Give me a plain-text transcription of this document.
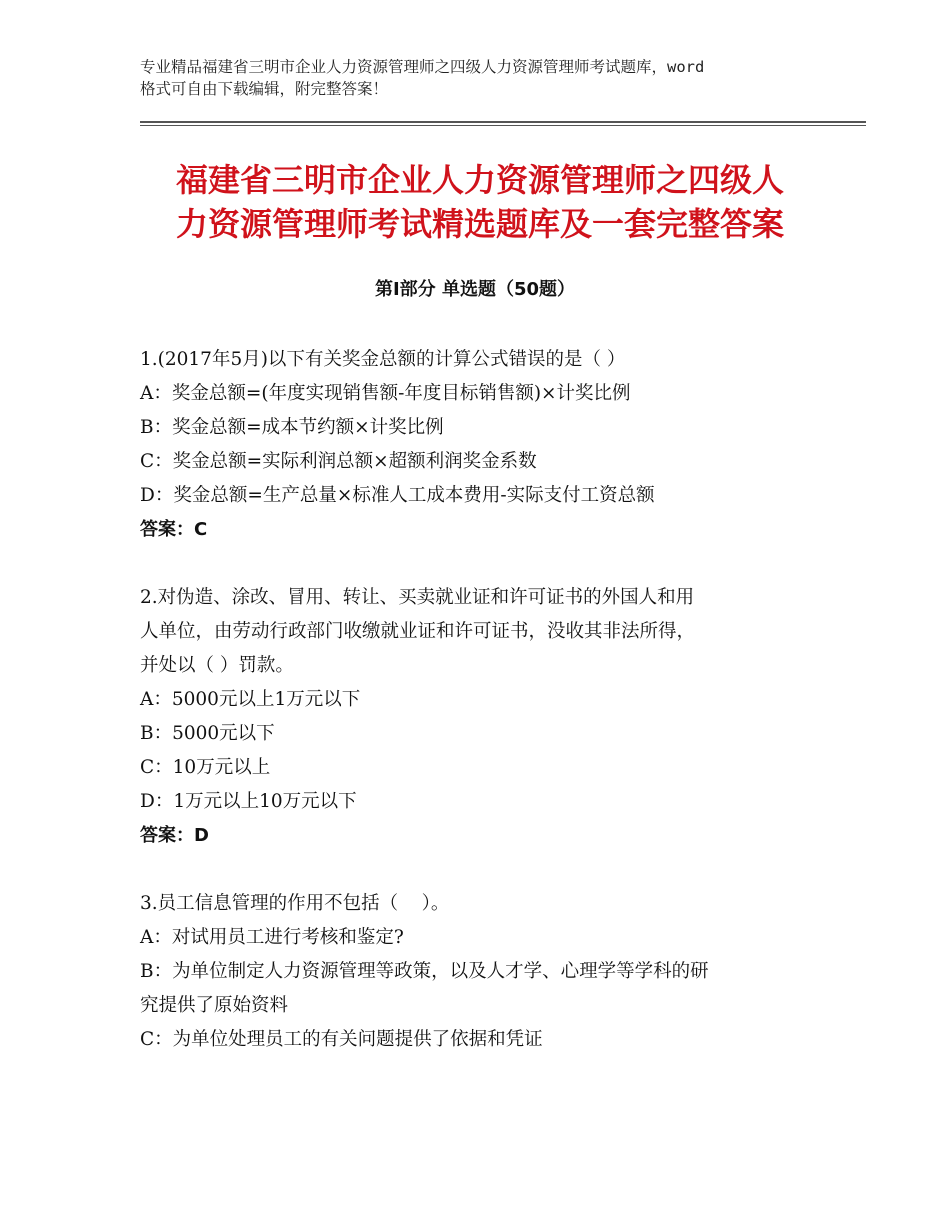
专业精品福建省三明市企业人力资源管理师之四级人力资源管理师考试题库，word
格式可自由下载编辑，附完整答案！
福建省三明市企业人力资源管理师之四级人
力资源管理师考试精选题库及一套完整答案
第Ⅰ部分 单选题（50题）
1.(2017年5月)以下有关奖金总额的计算公式错误的是（ ）
A：奖金总额=(年度实现销售额-年度目标销售额)×计奖比例
B：奖金总额=成本节约额×计奖比例
C：奖金总额=实际利润总额×超额利润奖金系数
D：奖金总额=生产总量×标准人工成本费用-实际支付工资总额
答案：C
2.对伪造、涂改、冒用、转让、买卖就业证和许可证书的外国人和用
人单位，由劳动行政部门收缴就业证和许可证书，没收其非法所得，
并处以（ ）罚款。
A：5000元以上1万元以下
B：5000元以下
C：10万元以上
D：1万元以上10万元以下
答案：D
3.员工信息管理的作用不包括（    ）。
A：对试用员工进行考核和鉴定?
B：为单位制定人力资源管理等政策，以及人才学、心理学等学科的研
究提供了原始资料
C：为单位处理员工的有关问题提供了依据和凭证
